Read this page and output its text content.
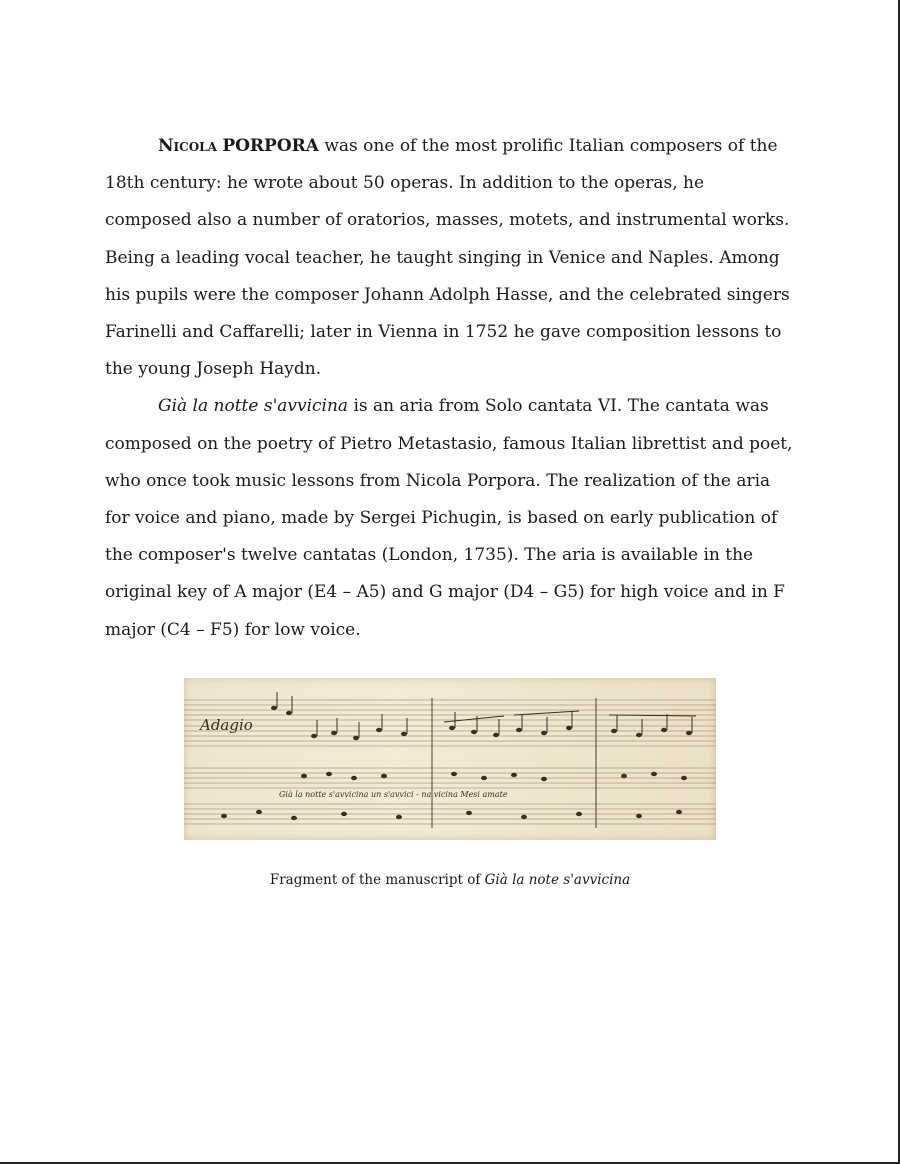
Nicola PORPORA was one of the most prolific Italian composers of the 18th century: he wrote about 50 operas. In addition to the operas, he composed also a number of oratorios, masses, motets, and instrumental works. Being a leading vocal teacher, he taught singing in Venice and Naples. Among his pupils were the composer Johann Adolph Hasse, and the celebrated singers Farinelli and Caffarelli; later in Vienna in 1752 he gave composition lessons to the young Joseph Haydn.

Già la notte s'avvicina is an aria from Solo cantata VI. The cantata was composed on the poetry of Pietro Metastasio, famous Italian librettist and poet, who once took music lessons from Nicola Porpora. The realization of the aria for voice and piano, made by Sergei Pichugin, is based on early publication of the composer's twelve cantatas (London, 1735). The aria is available in the original key of A major (E4 – A5) and G major (D4 – G5) for high voice and in F major (C4 – F5) for low voice.

Adagio
Già la notte s'avvicina un s'avvici - na vicina Mesi amate
Fragment of the manuscript of Già la note s'avvicina
